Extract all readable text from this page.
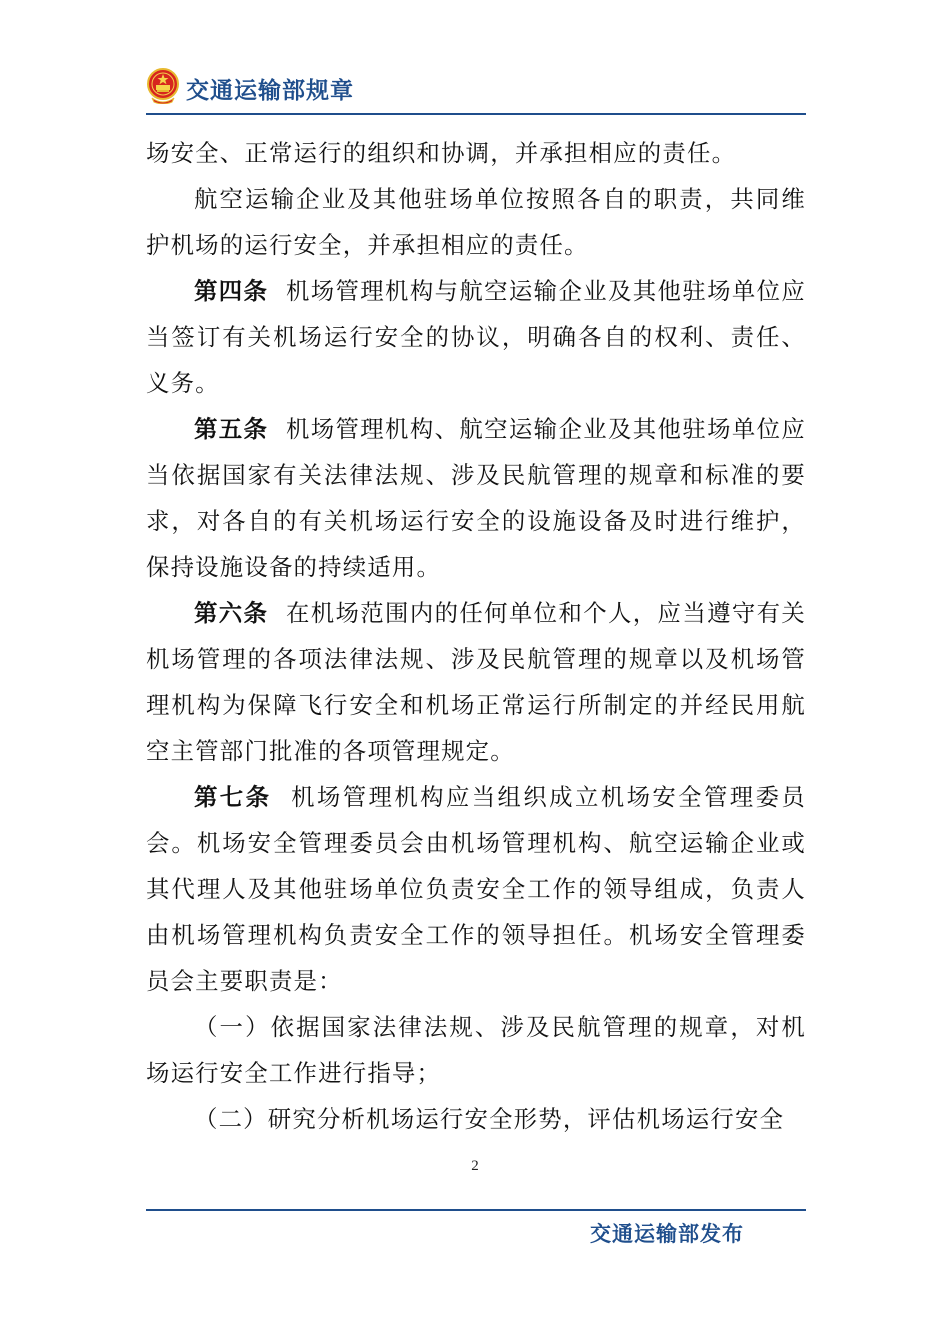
交通运输部规章

场安全、正常运行的组织和协调，并承担相应的责任。

航空运输企业及其他驻场单位按照各自的职责，共同维护机场的运行安全，并承担相应的责任。

第四条 机场管理机构与航空运输企业及其他驻场单位应当签订有关机场运行安全的协议，明确各自的权利、责任、义务。

第五条 机场管理机构、航空运输企业及其他驻场单位应当依据国家有关法律法规、涉及民航管理的规章和标准的要求，对各自的有关机场运行安全的设施设备及时进行维护，保持设施设备的持续适用。

第六条 在机场范围内的任何单位和个人，应当遵守有关机场管理的各项法律法规、涉及民航管理的规章以及机场管理机构为保障飞行安全和机场正常运行所制定的并经民用航空主管部门批准的各项管理规定。

第七条 机场管理机构应当组织成立机场安全管理委员会。机场安全管理委员会由机场管理机构、航空运输企业或其代理人及其他驻场单位负责安全工作的领导组成，负责人由机场管理机构负责安全工作的领导担任。机场安全管理委员会主要职责是：

（一）依据国家法律法规、涉及民航管理的规章，对机场运行安全工作进行指导；

（二）研究分析机场运行安全形势，评估机场运行安全

2
交通运输部发布
